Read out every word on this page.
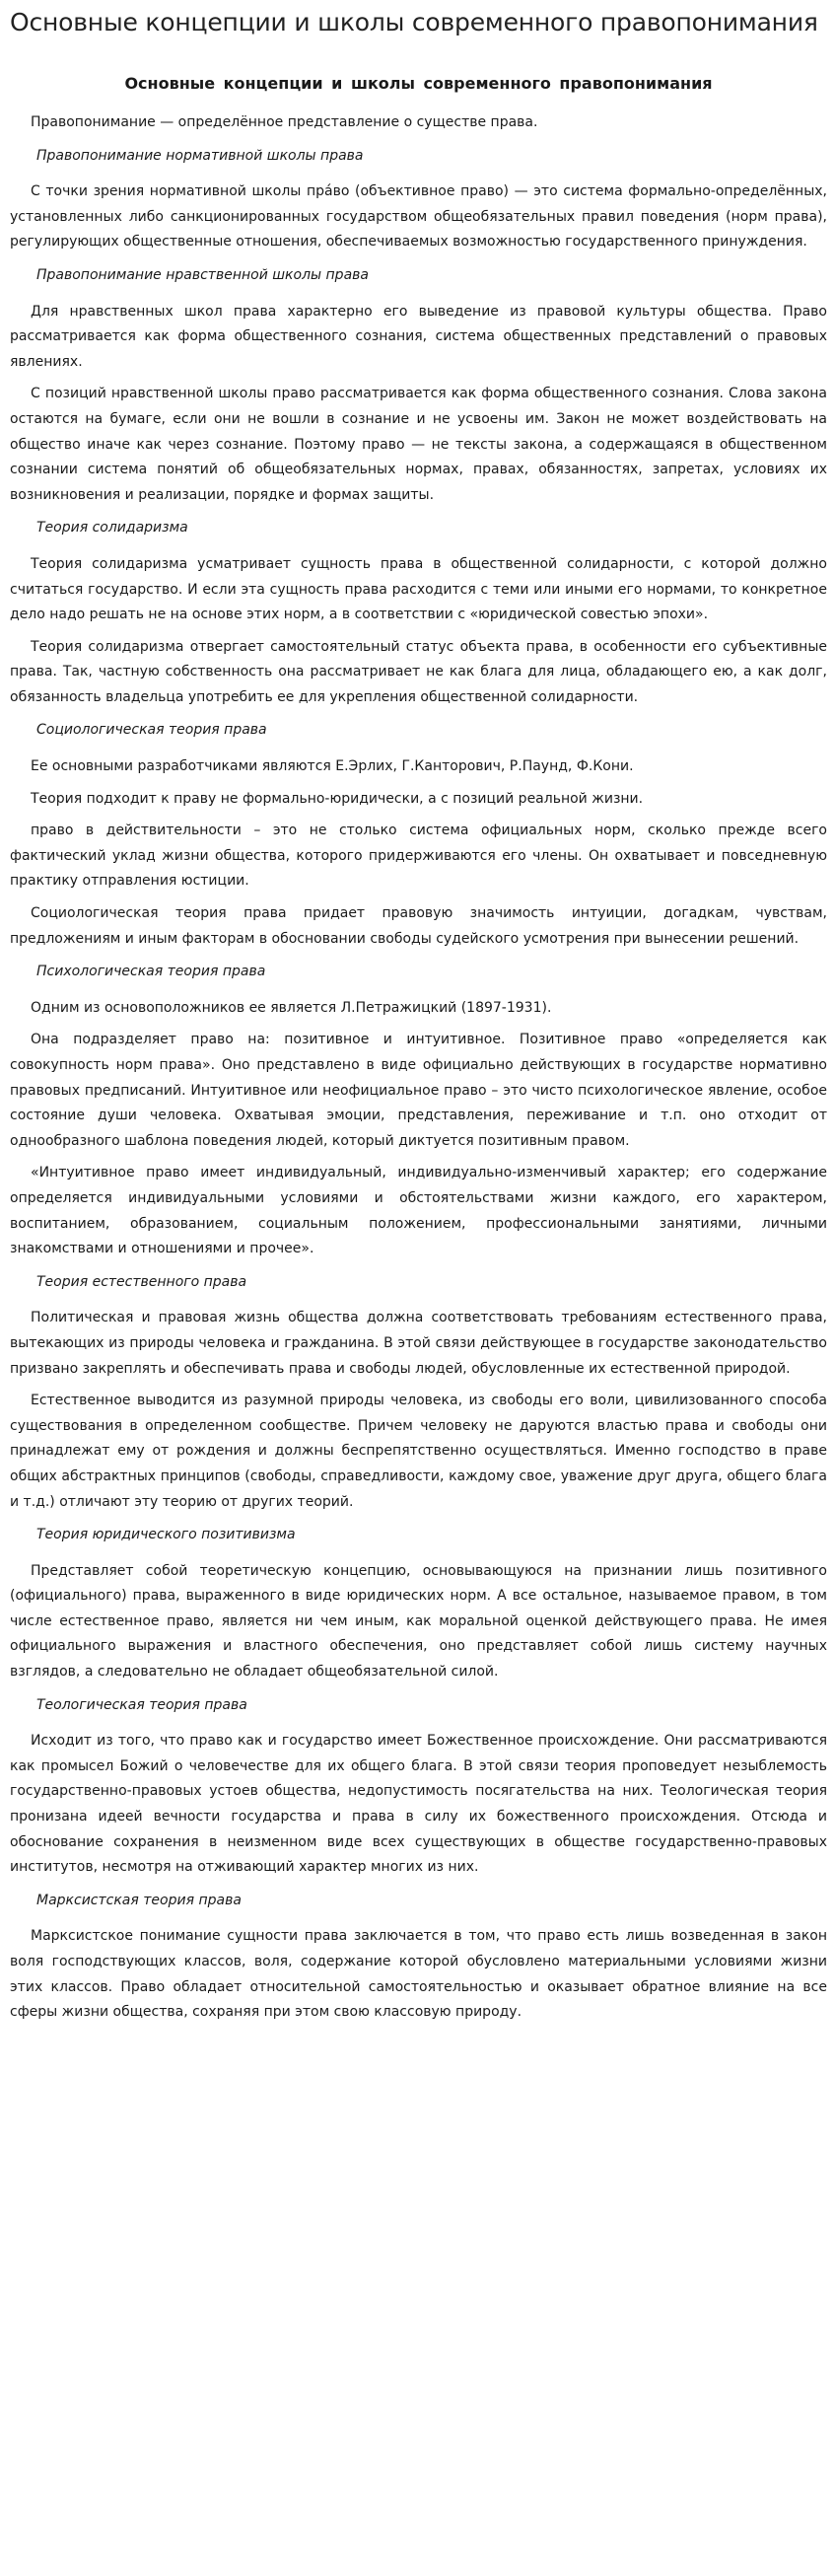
Основные концепции и школы современного правопонимания
Основные концепции и школы современного правопонимания

Правопонимание — определённое представление о существе права.

Правопонимание нормативной школы права

С точки зрения нормативной школы пра́во (объективное право) — это система формально-определённых, установленных либо санкционированных государством общеобязательных правил поведения (норм права), регулирующих общественные отношения, обеспечиваемых возможностью государственного принуждения.

Правопонимание нравственной школы права

Для нравственных школ права характерно его выведение из правовой культуры общества. Право рассматривается как форма общественного сознания, система общественных представлений о правовых явлениях.

С позиций нравственной школы право рассматривается как форма общественного сознания. Слова закона остаются на бумаге, если они не вошли в сознание и не усвоены им. Закон не может воздействовать на общество иначе как через сознание. Поэтому право — не тексты закона, а содержащаяся в общественном сознании система понятий об общеобязательных нормах, правах, обязанностях, запретах, условиях их возникновения и реализации, порядке и формах защиты.

Теория солидаризма

Теория солидаризма усматривает сущность права в общественной солидарности, с которой должно считаться государство. И если эта сущность права расходится с теми или иными его нормами, то конкретное дело надо решать не на основе этих норм, а в соответствии с «юридической совестью эпохи».

Теория солидаризма отвергает самостоятельный статус объекта права, в особенности его субъективные права. Так, частную собственность она рассматривает не как блага для лица, обладающего ею, а как долг, обязанность владельца употребить ее для укрепления общественной солидарности.

Социологическая теория права

Ее основными разработчиками являются Е.Эрлих, Г.Канторович, Р.Паунд, Ф.Кони.

Теория подходит к праву не формально-юридически, а с позиций реальной жизни.

право в действительности – это не столько система официальных норм, сколько прежде всего фактический уклад жизни общества, которого придерживаются его члены. Он охватывает и повседневную практику отправления юстиции.

Социологическая теория права придает правовую значимость интуиции, догадкам, чувствам, предложениям и иным факторам в обосновании свободы судейского усмотрения при вынесении решений.

Психологическая теория права

Одним из основоположников ее является Л.Петражицкий (1897-1931).

Она подразделяет право на: позитивное и интуитивное. Позитивное право «определяется как совокупность норм права». Оно представлено в виде официально действующих в государстве нормативно правовых предписаний. Интуитивное или неофициальное право – это чисто психологическое явление, особое состояние души человека. Охватывая эмоции, представления, переживание и т.п. оно отходит от однообразного шаблона поведения людей, который диктуется позитивным правом.

«Интуитивное право имеет индивидуальный, индивидуально-изменчивый характер; его содержание определяется индивидуальными условиями и обстоятельствами жизни каждого, его характером, воспитанием, образованием, социальным положением, профессиональными занятиями, личными знакомствами и отношениями и прочее».

Теория естественного права

Политическая и правовая жизнь общества должна соответствовать требованиям естественного права, вытекающих из природы человека и гражданина. В этой связи действующее в государстве законодательство призвано закреплять и обеспечивать права и свободы людей, обусловленные их естественной природой.

Естественное выводится из разумной природы человека, из свободы его воли, цивилизованного способа существования в определенном сообществе. Причем человеку не даруются властью права и свободы они принадлежат ему от рождения и должны беспрепятственно осуществляться. Именно господство в праве общих абстрактных принципов (свободы, справедливости, каждому свое, уважение друг друга, общего блага и т.д.) отличают эту теорию от других теорий.

Теория юридического позитивизма

Представляет собой теоретическую концепцию, основывающуюся на признании лишь позитивного (официального) права, выраженного в виде юридических норм. А все остальное, называемое правом, в том числе естественное право, является ни чем иным, как моральной оценкой действующего права. Не имея официального выражения и властного обеспечения, оно представляет собой лишь систему научных взглядов, а следовательно не обладает общеобязательной силой.

Теологическая теория права

Исходит из того, что право как и государство имеет Божественное происхождение. Они рассматриваются как промысел Божий о человечестве для их общего блага. В этой связи теория проповедует незыблемость государственно-правовых устоев общества, недопустимость посягательства на них. Теологическая теория пронизана идеей вечности государства и права в силу их божественного происхождения. Отсюда и обоснование сохранения в неизменном виде всех существующих в обществе государственно-правовых институтов, несмотря на отживающий характер многих из них.

Марксистская теория права

Марксистское понимание сущности права заключается в том, что право есть лишь возведенная в закон воля господствующих классов, воля, содержание которой обусловлено материальными условиями жизни этих классов. Право обладает относительной самостоятельностью и оказывает обратное влияние на все сферы жизни общества, сохраняя при этом свою классовую природу.
